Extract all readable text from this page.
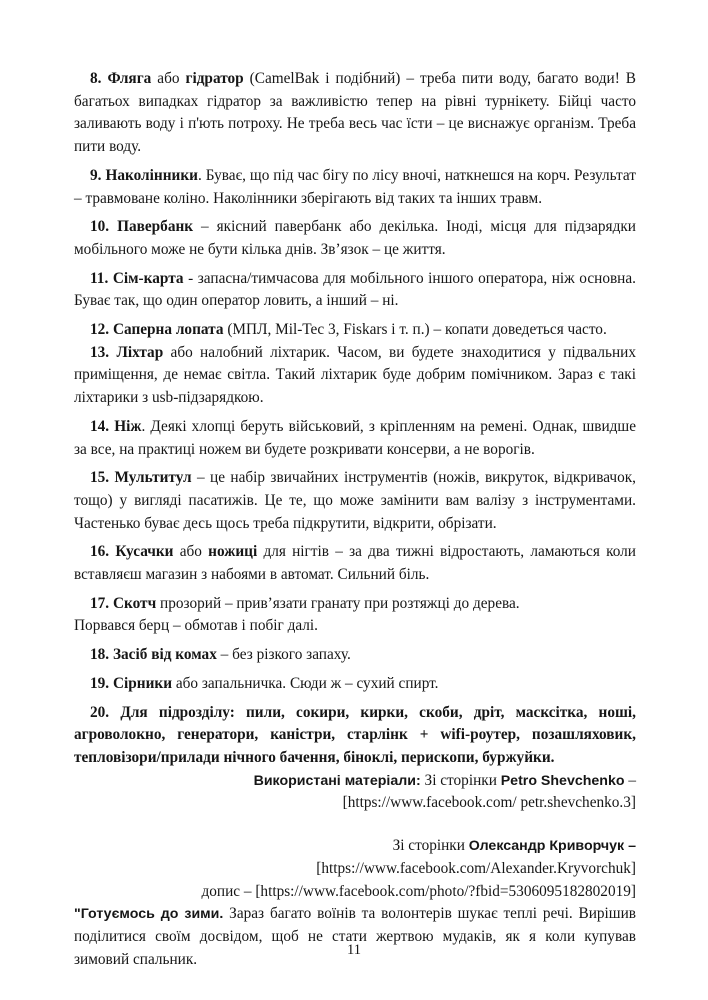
8. Фляга або гідратор (CamelBak і подібний) – треба пити воду, багато води! В багатьох випадках гідратор за важливістю тепер на рівні турнікету. Бійці часто заливають воду і п'ють потроху. Не треба весь час їсти – це виснажує організм. Треба пити воду.

9. Наколінники. Буває, що під час бігу по лісу вночі, наткнешся на корч. Результат – травмоване коліно. Наколінники зберігають від таких та інших травм.

10. Павербанк – якісний павербанк або декілька. Іноді, місця для підзарядки мобільного може не бути кілька днів. Зв’язок – це життя.

11. Сім-карта - запасна/тимчасова для мобільного іншого оператора, ніж основна. Буває так, що один оператор ловить, а інший – ні.

12. Саперна лопата (МПЛ, Mil-Tec 3, Fiskars і т. п.) – копати доведеться часто.

13. Ліхтар або налобний ліхтарик. Часом, ви будете знаходитися у підвальних приміщення, де немає світла. Такий ліхтарик буде добрим помічником. Зараз є такі ліхтарики з usb-підзарядкою.

14. Ніж. Деякі хлопці беруть військовий, з кріпленням на ремені. Однак, швидше за все, на практиці ножем ви будете розкривати консерви, а не ворогів.

15. Мультитул – це набір звичайних інструментів (ножів, викруток, відкривачок, тощо) у вигляді пасатижів. Це те, що може замінити вам валізу з інструментами. Частенько буває десь щось треба підкрутити, відкрити, обрізати.

16. Кусачки або ножиці для нігтів – за два тижні відростають, ламаються коли вставляєш магазин з набоями в автомат. Сильний біль.

17. Скотч прозорий – прив’язати гранату при розтяжці до дерева.

Порвався берц – обмотав і побіг далі.

18. Засіб від комах – без різкого запаху.

19. Сірники або запальничка. Сюди ж – сухий спирт.

20. Для підрозділу: пили, сокири, кирки, скоби, дріт, масксітка, ноші, агроволокно, генератори, каністри, старлінк + wifi-роутер, позашляховик, тепловізори/прилади нічного бачення, біноклі, перископи, буржуйки.

Використані матеріали: Зі сторінки Petro Shevchenko –

[https://www.facebook.com/ petr.shevchenko.3]

Зі сторінки Олександр Криворчук –

[https://www.facebook.com/Alexander.Kryvorchuk]

допис – [https://www.facebook.com/photo/?fbid=5306095182802019]

"Готуємось до зими. Зараз багато воїнів та волонтерів шукає теплі речі. Вирішив поділитися своїм досвідом, щоб не стати жертвою мудаків, як я коли купував зимовий спальник.

11
